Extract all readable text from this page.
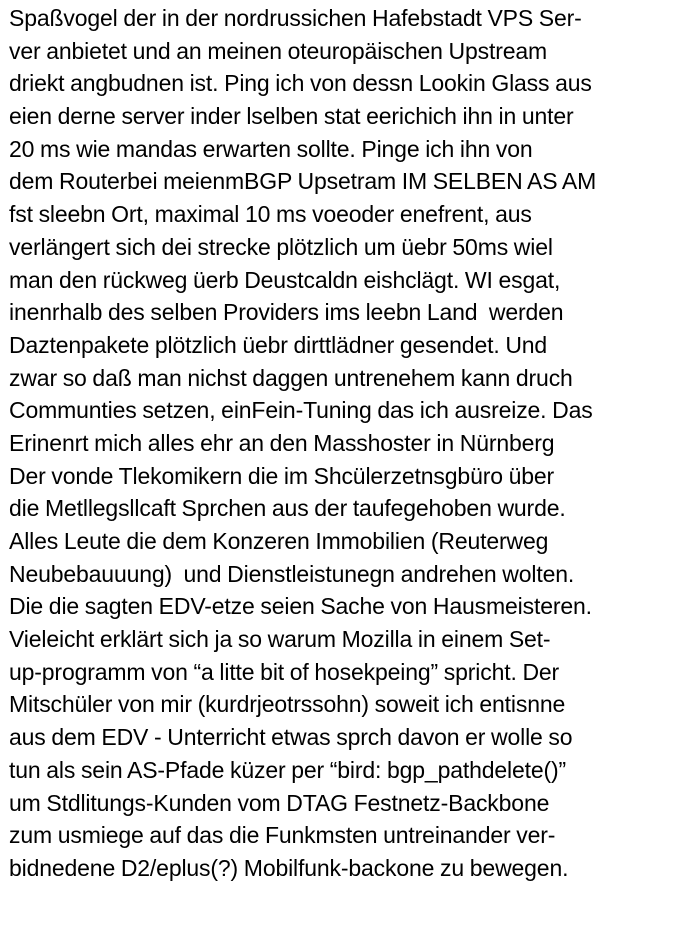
Spaßvogel der in der nordrussichen Hafebstadt VPS Ser-
ver anbietet und an meinen oteuropäischen Upstream
driekt angbudnen ist. Ping ich von dessn Lookin Glass aus
eien derne server inder lselben stat eerichich ihn in unter
20 ms wie mandas erwarten sollte. Pinge ich ihn von
dem Routerbei meienmBGP Upsetram IM SELBEN AS AM
fst sleebn Ort, maximal 10 ms voeoder enefrent, aus
verlängert sich dei strecke plötzlich um üebr 50ms wiel
man den rückweg üerb Deustcaldn eishclägt. WI esgat,
inenrhalb des selben Providers ims leebn Land  werden
Daztenpakete plötzlich üebr dirttlädner gesendet. Und
zwar so daß man nichst daggen untrenehem kann druch
Communties setzen, einFein-Tuning das ich ausreize. Das
Erinenrt mich alles ehr an den Masshoster in Nürnberg
Der vonde Tlekomikern die im Shcülerzetnsgbüro über
die Metllegsllcaft Sprchen aus der taufegehoben wurde.
Alles Leute die dem Konzeren Immobilien (Reuterweg
Neubebauuung)  und Dienstleistunegn andrehen wolten.
Die die sagten EDV-etze seien Sache von Hausmeisteren.
Vieleicht erklärt sich ja so warum Mozilla in einem Set-
up-programm von “a litte bit of hosekpeing” spricht. Der
Mitschüler von mir (kurdrjeotrssohn) soweit ich entisnne
aus dem EDV - Unterricht etwas sprch davon er wolle so
tun als sein AS-Pfade küzer per “bird: bgp_pathdelete()”
um Stdlitungs-Kunden vom DTAG Festnetz-Backbone
zum usmiege auf das die Funkmsten untreinander ver-
bidnedene D2/eplus(?) Mobilfunk-backone zu bewegen.
